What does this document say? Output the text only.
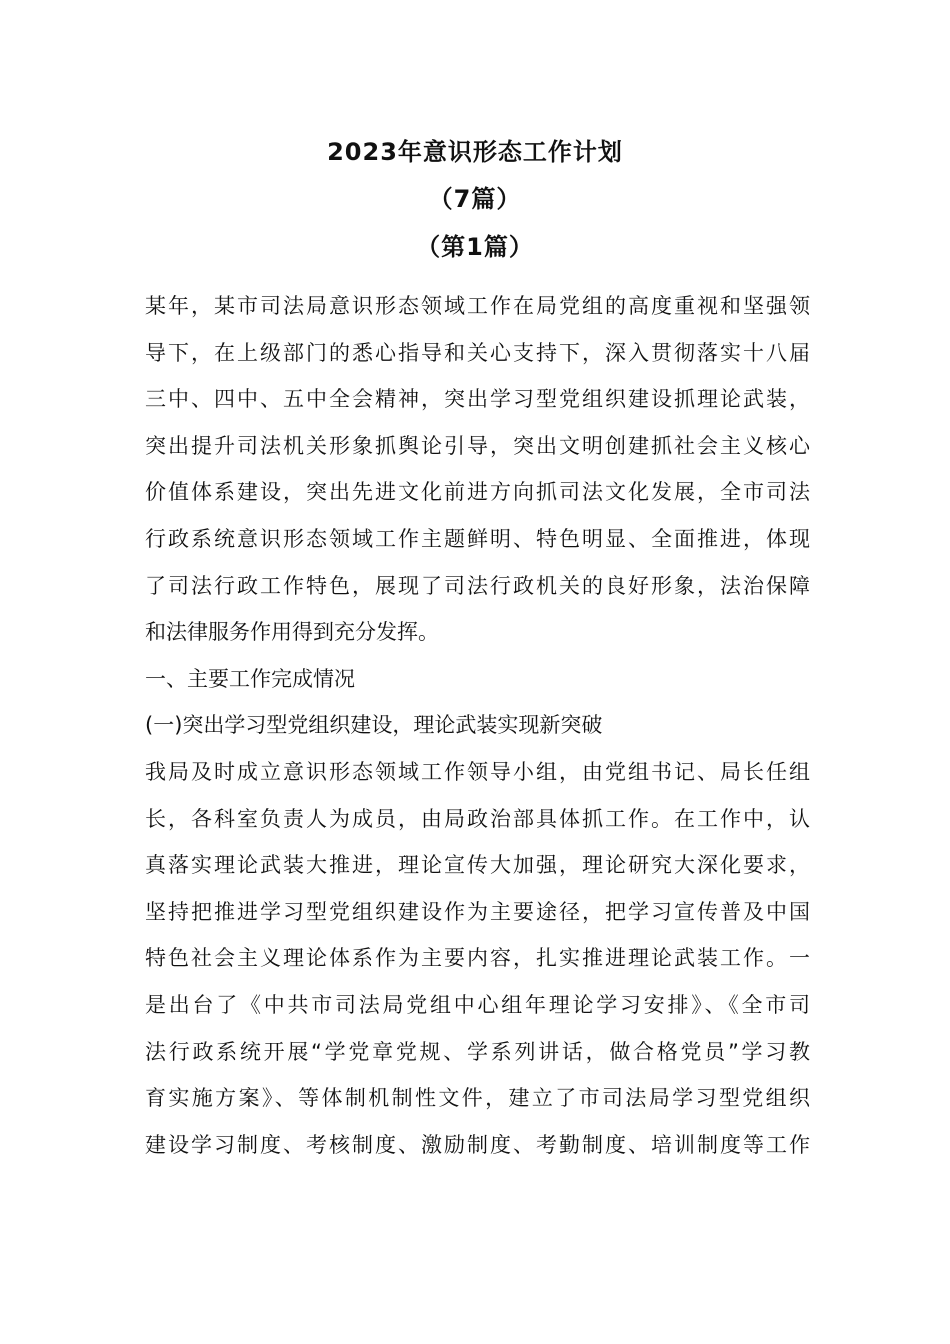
2023年意识形态工作计划
（7篇）
（第1篇）
某年，某市司法局意识形态领域工作在局党组的高度重视和坚强领
导下，在上级部门的悉心指导和关心支持下，深入贯彻落实十八届
三中、四中、五中全会精神，突出学习型党组织建设抓理论武装，
突出提升司法机关形象抓舆论引导，突出文明创建抓社会主义核心
价值体系建设，突出先进文化前进方向抓司法文化发展，全市司法
行政系统意识形态领域工作主题鲜明、特色明显、全面推进，体现
了司法行政工作特色，展现了司法行政机关的良好形象，法治保障
和法律服务作用得到充分发挥。
一、主要工作完成情况
(一)突出学习型党组织建设，理论武装实现新突破
我局及时成立意识形态领域工作领导小组，由党组书记、局长任组
长，各科室负责人为成员，由局政治部具体抓工作。在工作中，认
真落实理论武装大推进，理论宣传大加强，理论研究大深化要求，
坚持把推进学习型党组织建设作为主要途径，把学习宣传普及中国
特色社会主义理论体系作为主要内容，扎实推进理论武装工作。一
是出台了《中共市司法局党组中心组年理论学习安排》、《全市司
法行政系统开展“学党章党规、学系列讲话，做合格党员”学习教
育实施方案》、等体制机制性文件，建立了市司法局学习型党组织
建设学习制度、考核制度、激励制度、考勤制度、培训制度等工作
